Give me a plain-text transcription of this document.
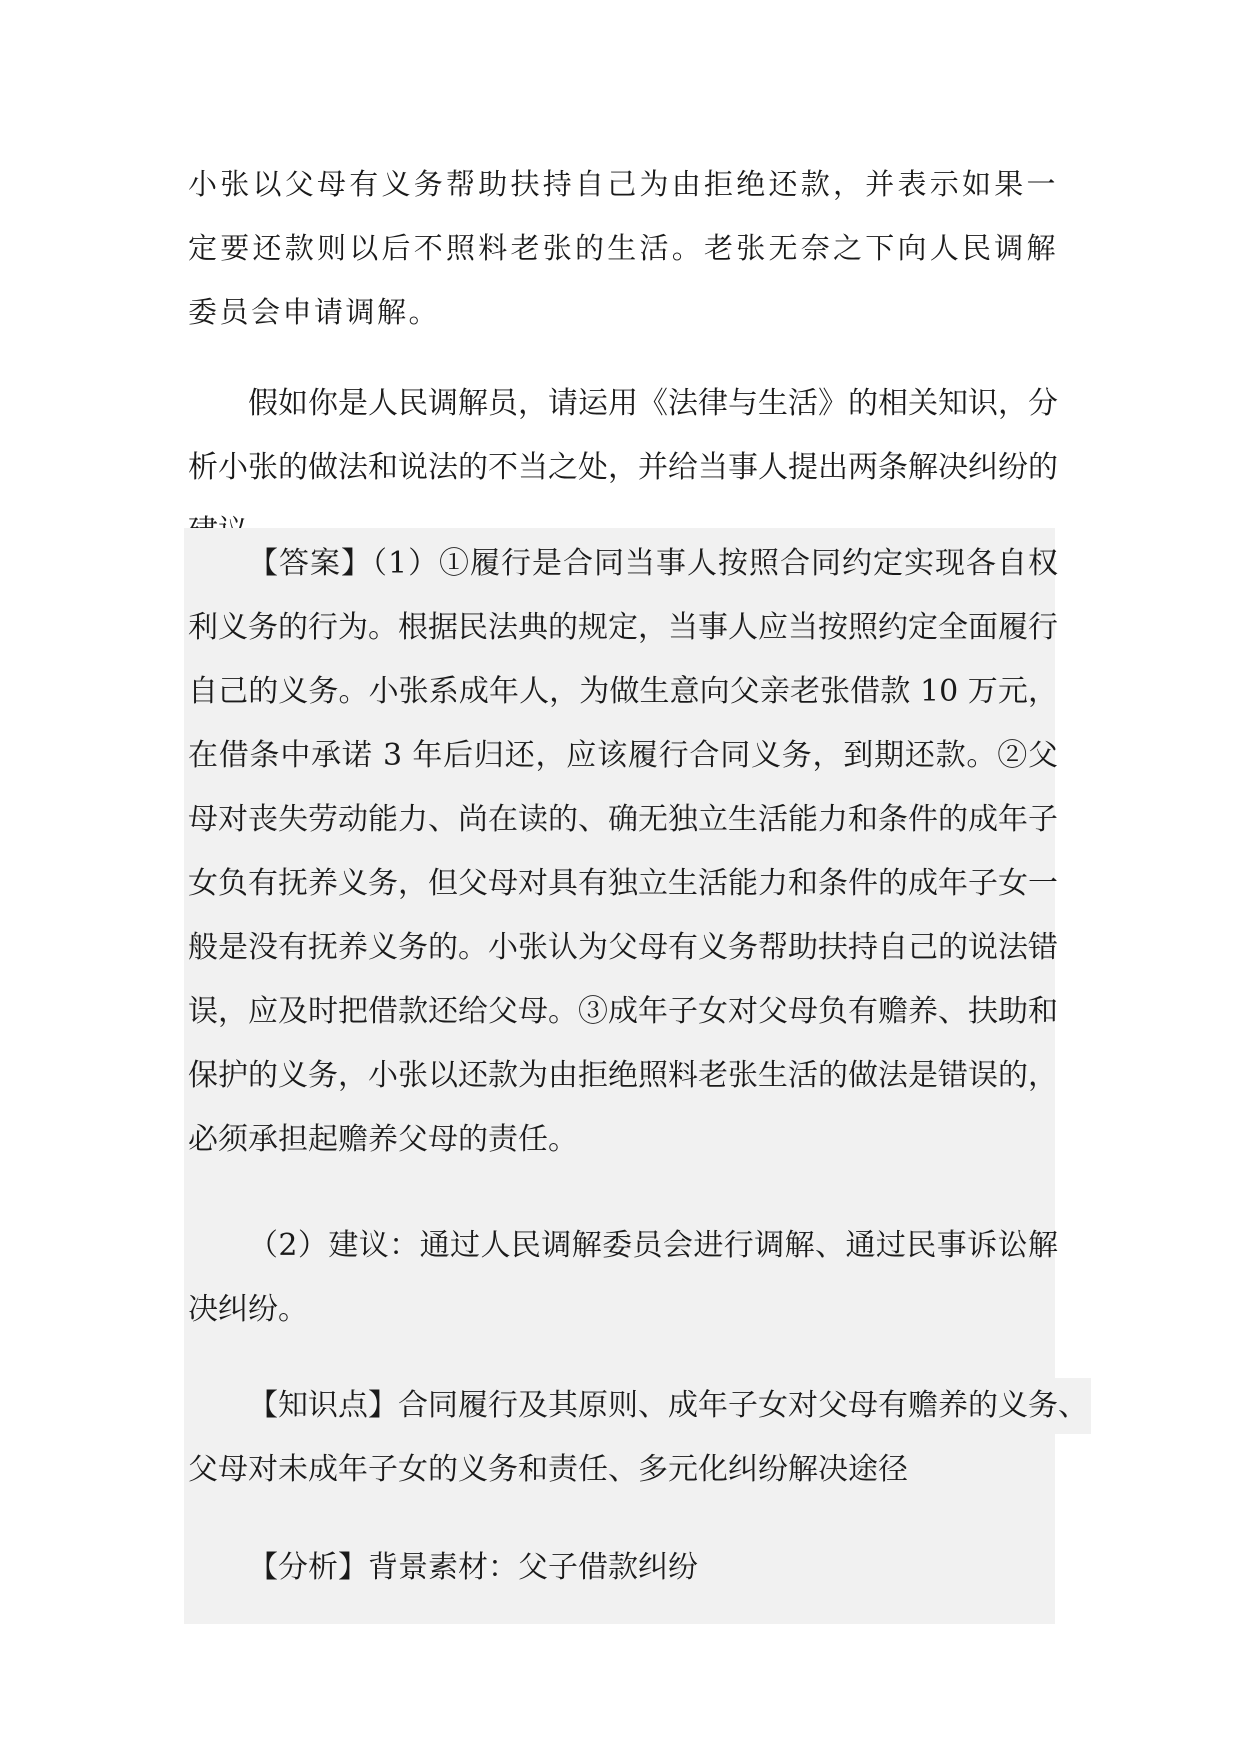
小张以父母有义务帮助扶持自己为由拒绝还款，并表示如果一定要还款则以后不照料老张的生活。老张无奈之下向人民调解委员会申请调解。

假如你是人民调解员，请运用《法律与生活》的相关知识，分析小张的做法和说法的不当之处，并给当事人提出两条解决纠纷的

【答案】（1）①履行是合同当事人按照合同约定实现各自权利义务的行为。根据民法典的规定，当事人应当按照约定全面履行自己的义务。小张系成年人，为做生意向父亲老张借款 10 万元，在借条中承诺 3 年后归还，应该履行合同义务，到期还款。②父母对丧失劳动能力、尚在读的、确无独立生活能力和条件的成年子女负有抚养义务，但父母对具有独立生活能力和条件的成年子女一般是没有抚养义务的。小张认为父母有义务帮助扶持自己的说法错误，应及时把借款还给父母。③成年子女对父母负有赡养、扶助和保护的义务，小张以还款为由拒绝照料老张生活的做法是错误的，必须承担起赡养父母的责任。

（2）建议：通过人民调解委员会进行调解、通过民事诉讼解决纠纷。

【知识点】合同履行及其原则、成年子女对父母有赡养的义务、父母对未成年子女的义务和责任、多元化纠纷解决途径

【分析】背景素材：父子借款纠纷
